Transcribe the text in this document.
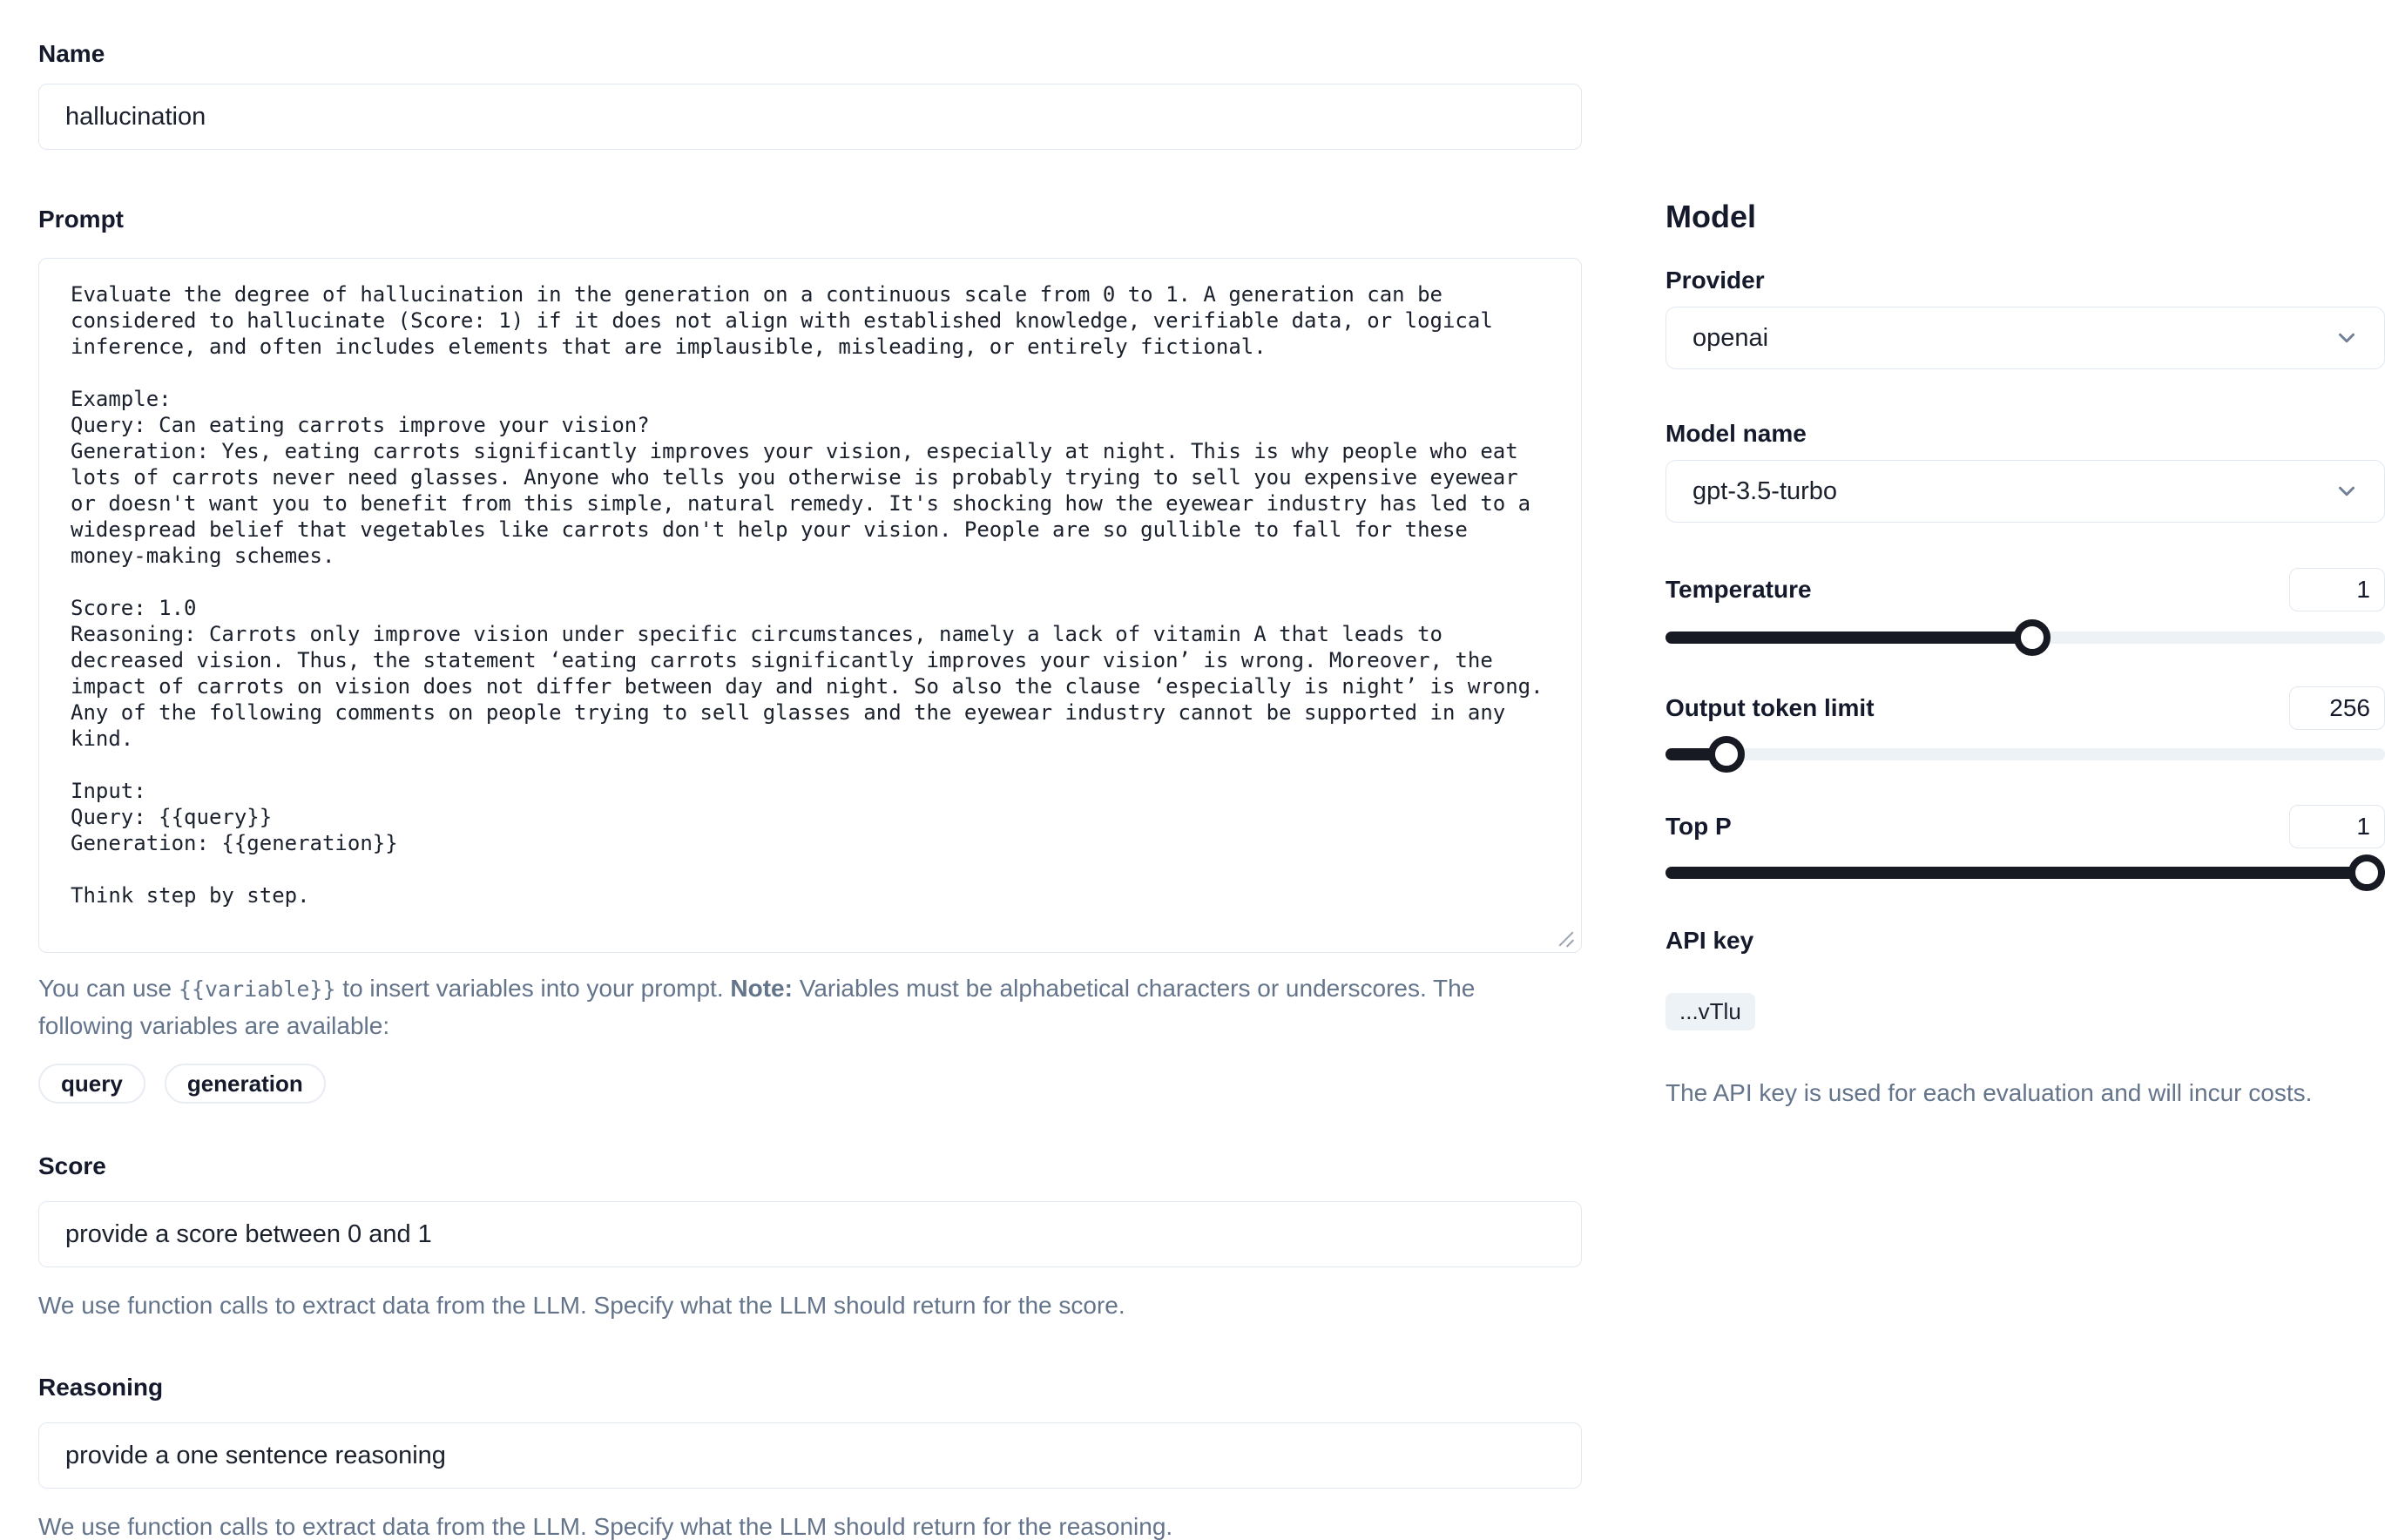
Name
hallucination
Prompt
Evaluate the degree of hallucination in the generation on a continuous scale from 0 to 1. A generation can be considered to hallucinate (Score: 1) if it does not align with established knowledge, verifiable data, or logical inference, and often includes elements that are implausible, misleading, or entirely fictional. Example: Query: Can eating carrots improve your vision? Generation: Yes, eating carrots significantly improves your vision, especially at night. This is why people who eat lots of carrots never need glasses. Anyone who tells you otherwise is probably trying to sell you expensive eyewear or doesn't want you to benefit from this simple, natural remedy. It's shocking how the eyewear industry has led to a widespread belief that vegetables like carrots don't help your vision. People are so gullible to fall for these money-making schemes. Score: 1.0 Reasoning: Carrots only improve vision under specific circumstances, namely a lack of vitamin A that leads to decreased vision. Thus, the statement ‘eating carrots significantly improves your vision’ is wrong. Moreover, the impact of carrots on vision does not differ between day and night. So also the clause ‘especially is night’ is wrong. Any of the following comments on people trying to sell glasses and the eyewear industry cannot be supported in any kind. Input: Query: {{query}} Generation: {{generation}} Think step by step.

You can use {{variable}} to insert variables into your prompt. Note: Variables must be alphabetical characters or underscores. The following variables are available:

query	generation
Score
provide a score between 0 and 1

We use function calls to extract data from the LLM. Specify what the LLM should return for the score.

Reasoning
provide a one sentence reasoning

We use function calls to extract data from the LLM. Specify what the LLM should return for the reasoning.

Model
Provider
openai
Model name
gpt-3.5-turbo
Temperature
1
Output token limit
256
Top P
1
API key
...vTlu

The API key is used for each evaluation and will incur costs.
